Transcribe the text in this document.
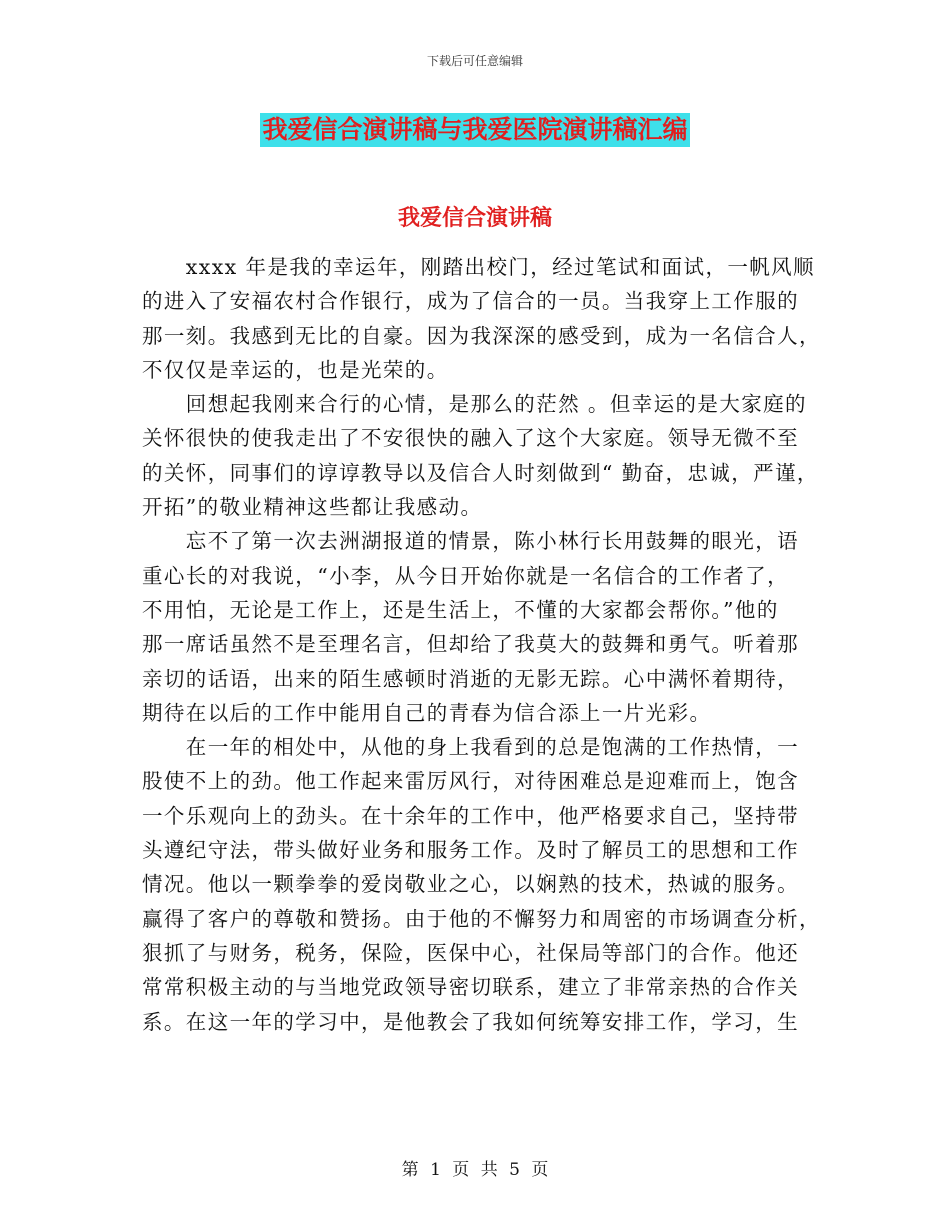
下载后可任意编辑
我爱信合演讲稿与我爱医院演讲稿汇编
我爱信合演讲稿
　　xxxx 年是我的幸运年，刚踏出校门，经过笔试和面试，一帆风顺
的进入了安福农村合作银行，成为了信合的一员。当我穿上工作服的
那一刻。我感到无比的自豪。因为我深深的感受到，成为一名信合人，
不仅仅是幸运的，也是光荣的。
　　回想起我刚来合行的心情，是那么的茫然 。但幸运的是大家庭的
关怀很快的使我走出了不安很快的融入了这个大家庭。领导无微不至
的关怀，同事们的谆谆教导以及信合人时刻做到“ 勤奋，忠诚，严谨，
开拓”的敬业精神这些都让我感动。
　　忘不了第一次去洲湖报道的情景，陈小林行长用鼓舞的眼光，语
重心长的对我说，“小李，从今日开始你就是一名信合的工作者了，
不用怕，无论是工作上，还是生活上，不懂的大家都会帮你。”他的
那一席话虽然不是至理名言，但却给了我莫大的鼓舞和勇气。听着那
亲切的话语，出来的陌生感顿时消逝的无影无踪。心中满怀着期待，
期待在以后的工作中能用自己的青春为信合添上一片光彩。
　　在一年的相处中，从他的身上我看到的总是饱满的工作热情，一
股使不上的劲。他工作起来雷厉风行，对待困难总是迎难而上，饱含
一个乐观向上的劲头。在十余年的工作中，他严格要求自己，坚持带
头遵纪守法，带头做好业务和服务工作。及时了解员工的思想和工作
情况。他以一颗拳拳的爱岗敬业之心，以娴熟的技术，热诚的服务。
赢得了客户的尊敬和赞扬。由于他的不懈努力和周密的市场调查分析，
狠抓了与财务，税务，保险，医保中心，社保局等部门的合作。他还
常常积极主动的与当地党政领导密切联系，建立了非常亲热的合作关
系。在这一年的学习中，是他教会了我如何统筹安排工作，学习，生
第 1 页 共 5 页
